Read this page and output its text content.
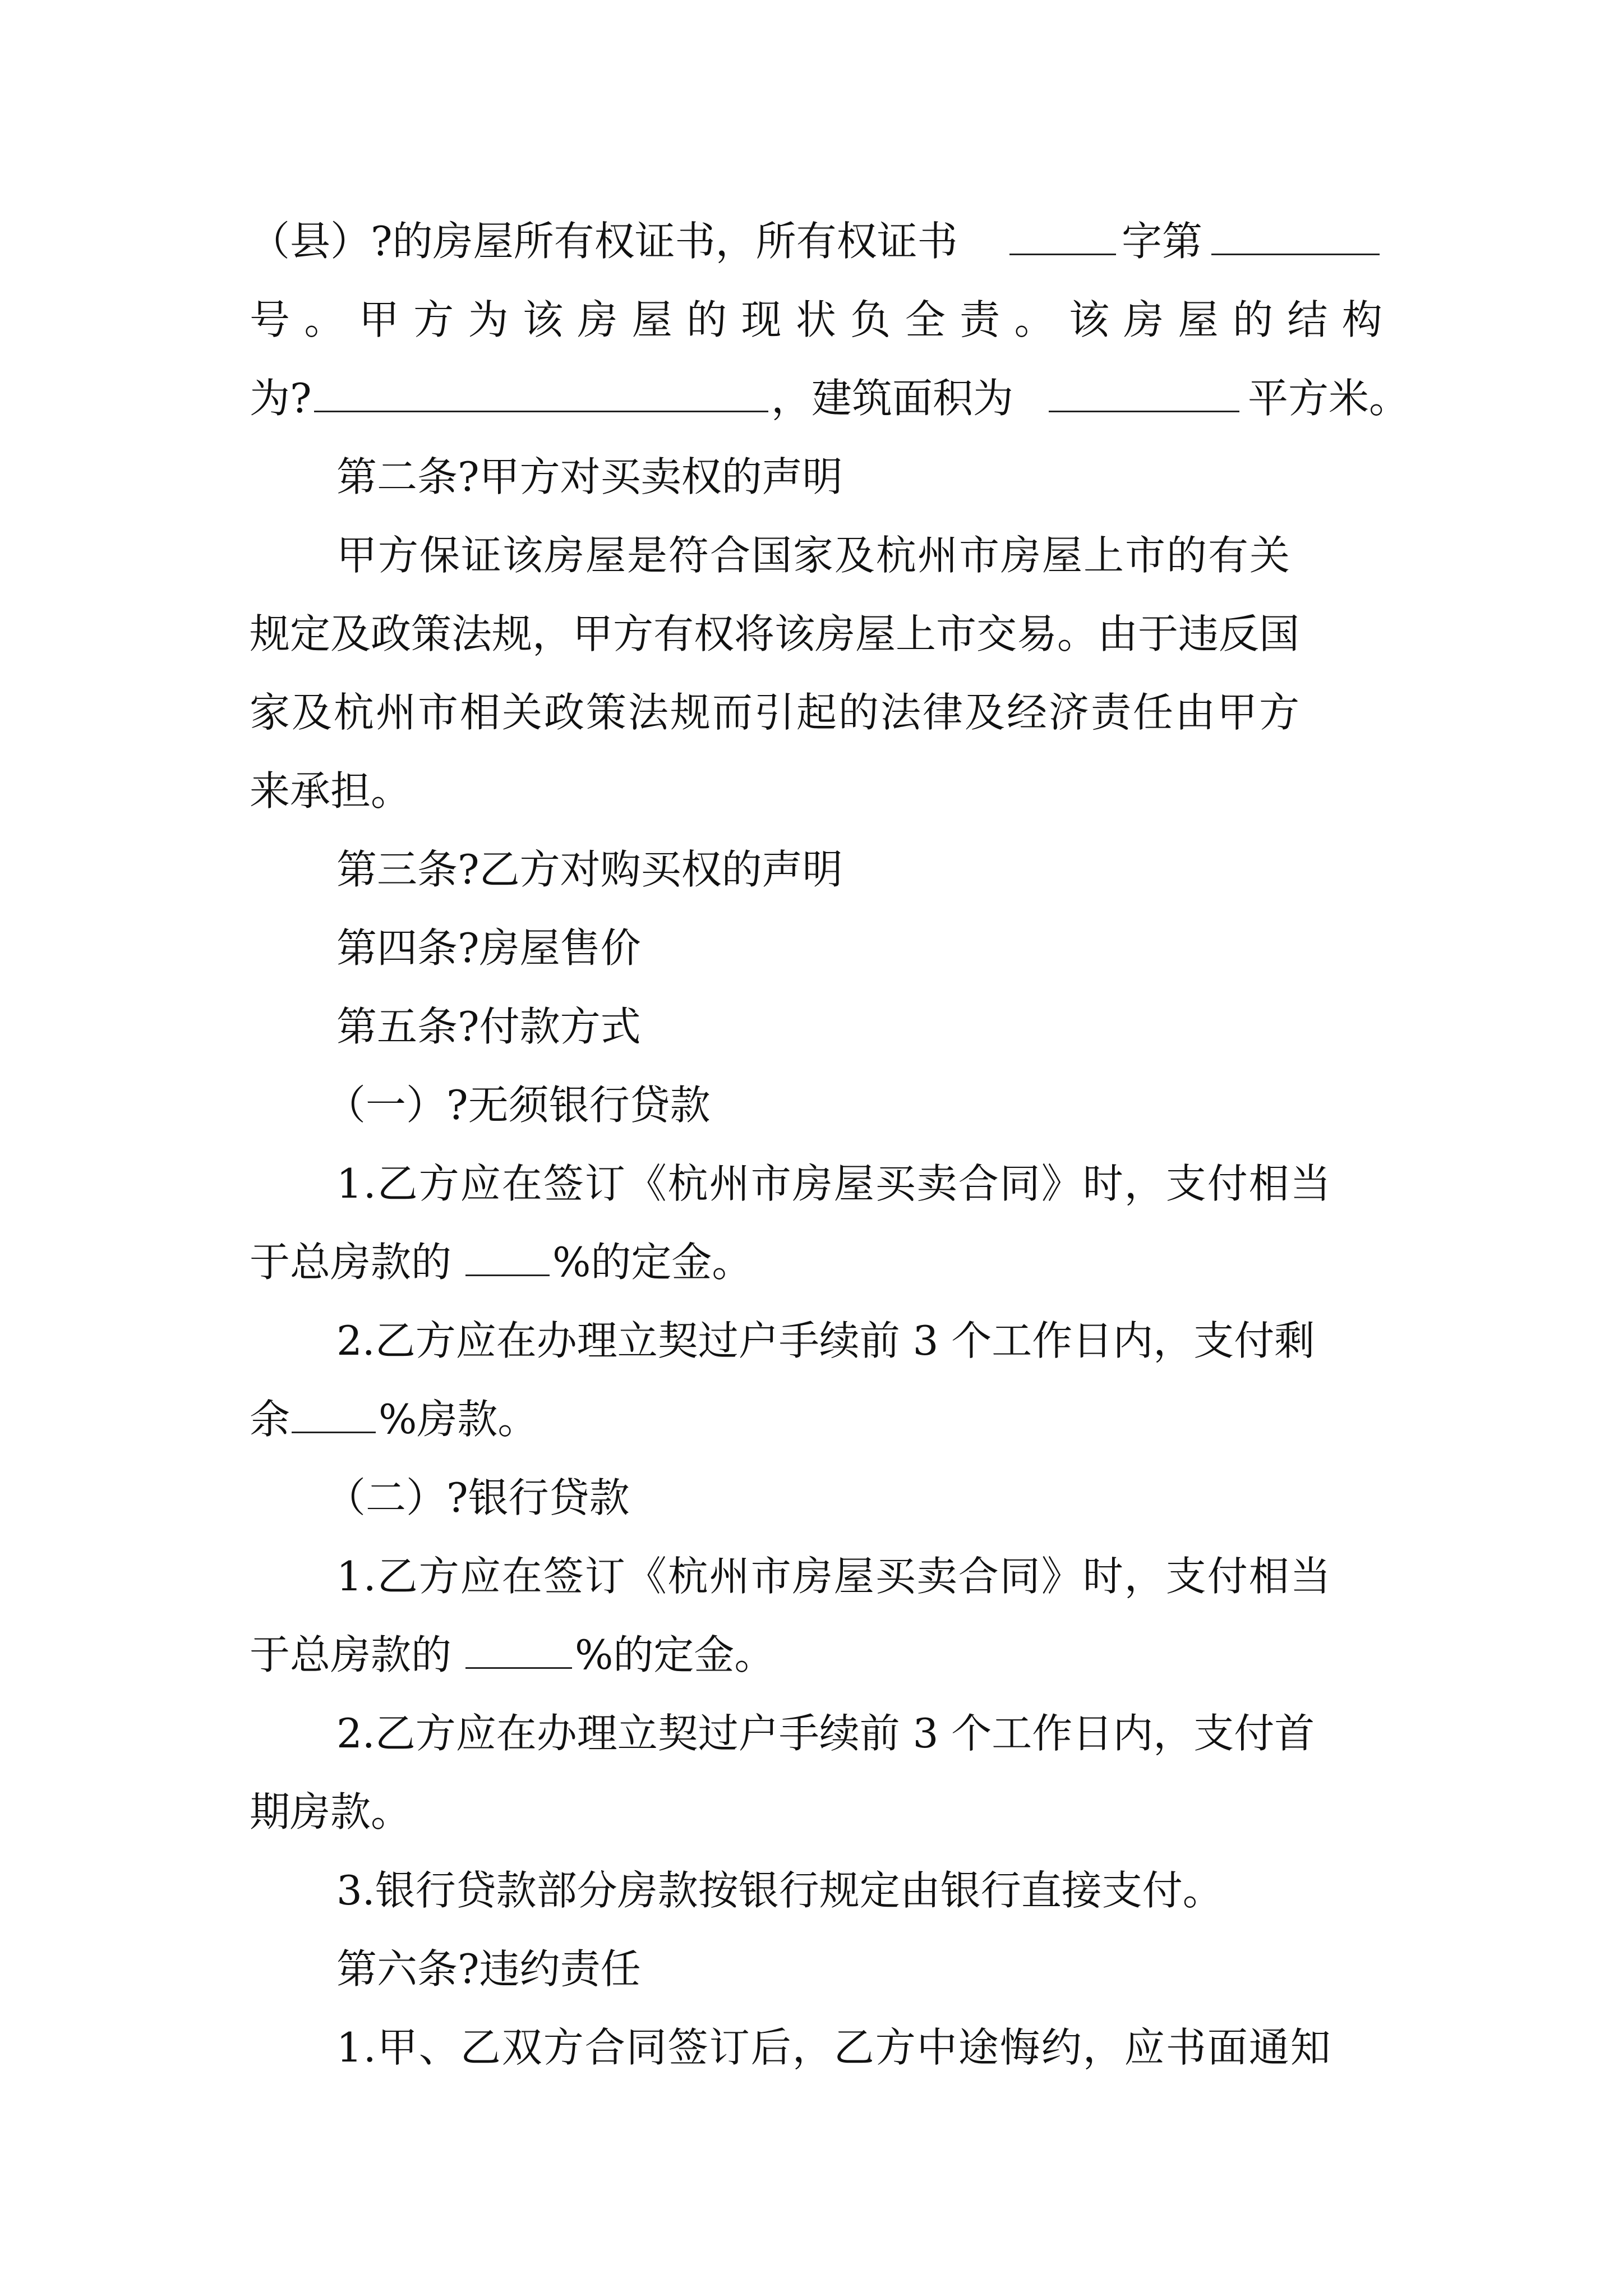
（县）?的房屋所有权证书，所有权证书	字第
号 。 甲 方 为 该 房 屋 的 现 状 负 全 责 。 该 房 屋 的 结 构
为?	，建筑面积为	平方米。
第二条?甲方对买卖权的声明
甲方保证该房屋是符合国家及杭州市房屋上市的有关
规定及政策法规，甲方有权将该房屋上市交易。由于违反国
家及杭州市相关政策法规而引起的法律及经济责任由甲方
来承担。
第三条?乙方对购买权的声明
第四条?房屋售价
第五条?付款方式
（一）?无须银行贷款
1.乙方应在签订《杭州市房屋买卖合同》时，支付相当
于总房款的 %的定金。
2.乙方应在办理立契过户手续前 3 个工作日内，支付剩
余 %房款。
（二）?银行贷款
1.乙方应在签订《杭州市房屋买卖合同》时，支付相当
于总房款的	%的定金。
2.乙方应在办理立契过户手续前 3 个工作日内，支付首
期房款。
3.银行贷款部分房款按银行规定由银行直接支付。
第六条?违约责任
1.甲、乙双方合同签订后，乙方中途悔约，应书面通知
